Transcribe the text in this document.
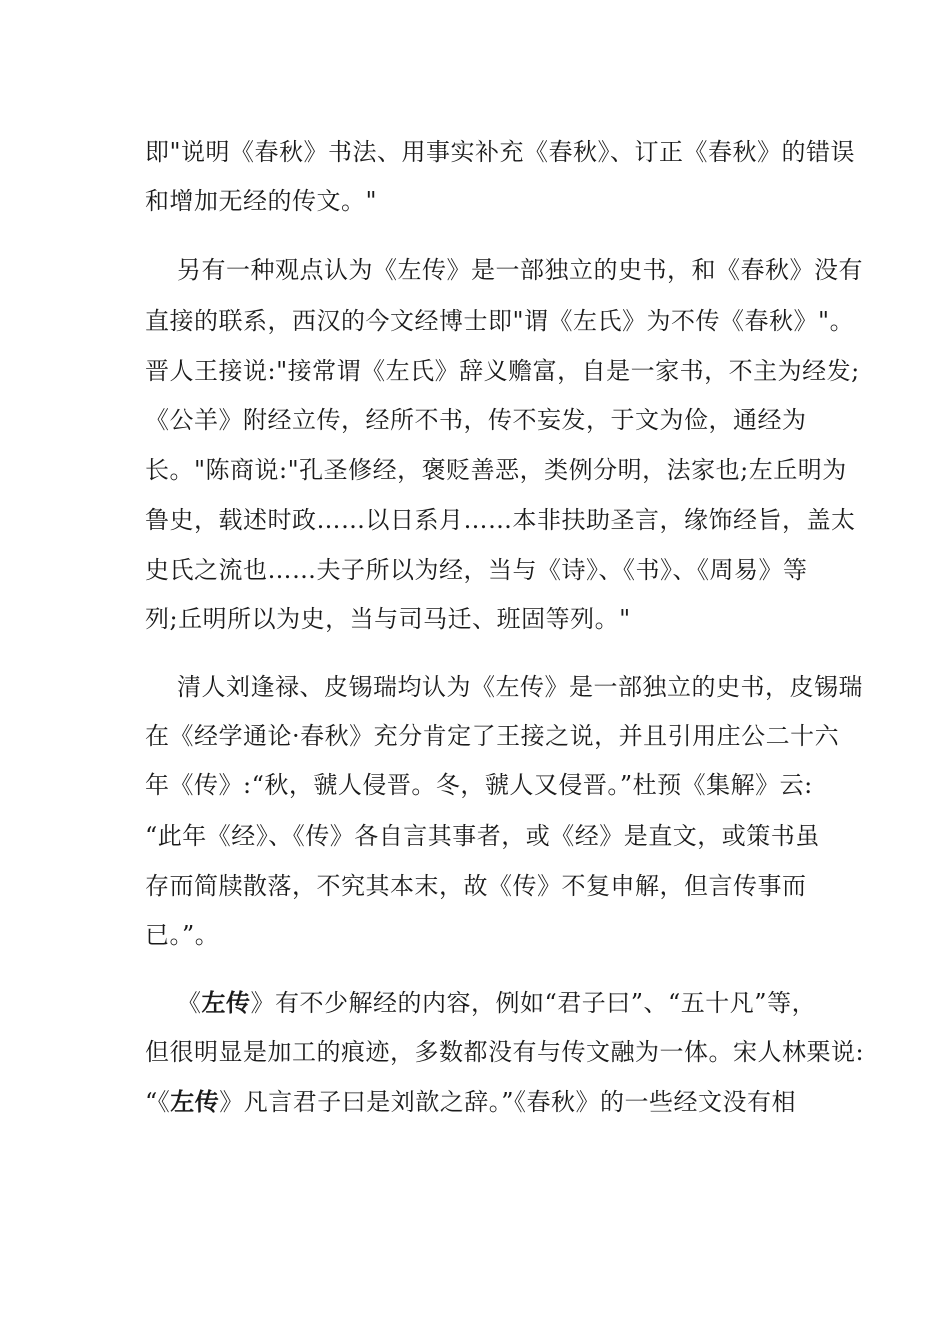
即"说明《春秋》书法、用事实补充《春秋》、订正《春秋》的错误
和增加无经的传文。"
另有一种观点认为《左传》是一部独立的史书，和《春秋》没有
直接的联系，西汉的今文经博士即"谓《左氏》为不传《春秋》"。
晋人王接说:"接常谓《左氏》辞义赡富，自是一家书，不主为经发;
《公羊》附经立传，经所不书，传不妄发，于文为俭，通经为
长。"陈商说:"孔圣修经，褒贬善恶，类例分明，法家也;左丘明为
鲁史，载述时政……以日系月……本非扶助圣言，缘饰经旨，盖太
史氏之流也……夫子所以为经，当与《诗》、《书》、《周易》等
列;丘明所以为史，当与司马迁、班固等列。"
清人刘逢禄、皮锡瑞均认为《左传》是一部独立的史书，皮锡瑞
在《经学通论·春秋》充分肯定了王接之说，并且引用庄公二十六
年《传》:“秋，虢人侵晋。冬，虢人又侵晋。”杜预《集解》云:
“此年《经》、《传》各自言其事者，或《经》是直文，或策书虽
存而简牍散落，不究其本末，故《传》不复申解，但言传事而
已。”。
《左传》有不少解经的内容，例如“君子曰”、“五十凡”等，
但很明显是加工的痕迹，多数都没有与传文融为一体。宋人林栗说:
“《左传》凡言君子曰是刘歆之辞。”《春秋》的一些经文没有相
